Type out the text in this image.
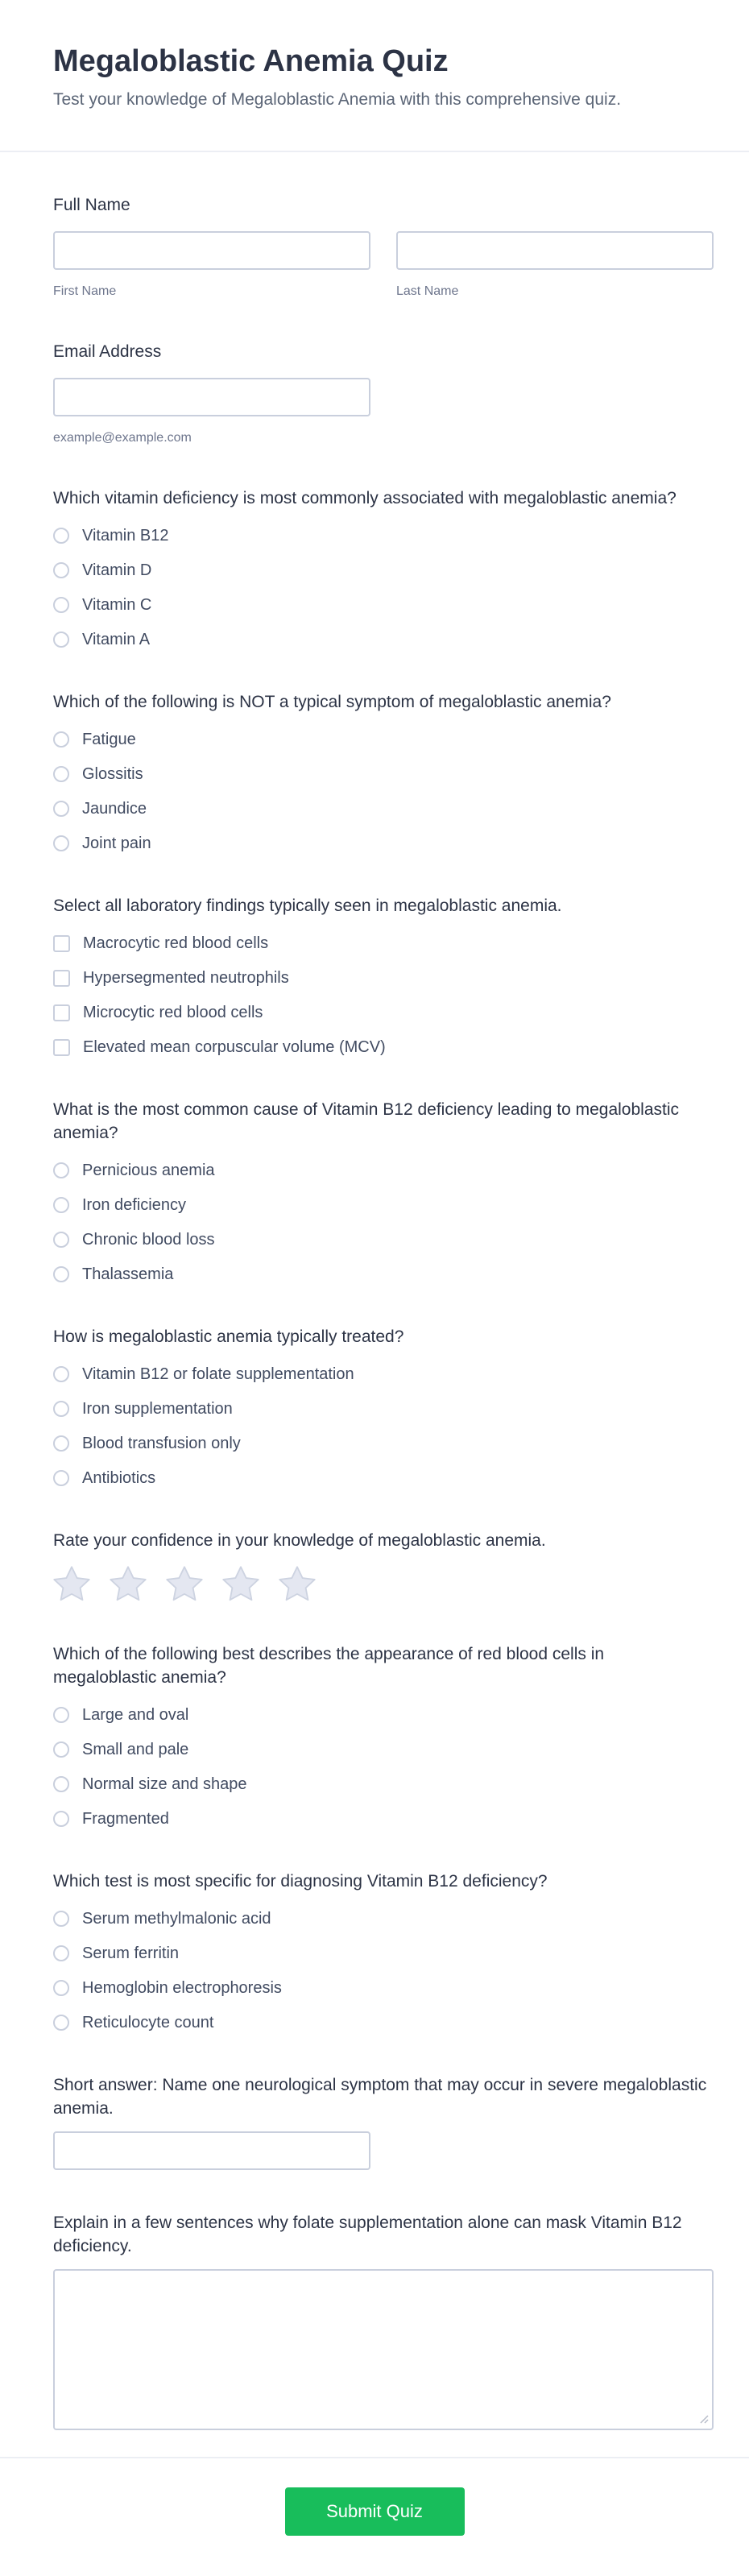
Megaloblastic Anemia Quiz
Test your knowledge of Megaloblastic Anemia with this comprehensive quiz.
Full Name
First Name	Last Name
Email Address
example@example.com
Which vitamin deficiency is most commonly associated with megaloblastic anemia?
Vitamin B12
Vitamin D
Vitamin C
Vitamin A
Which of the following is NOT a typical symptom of megaloblastic anemia?
Fatigue
Glossitis
Jaundice
Joint pain
Select all laboratory findings typically seen in megaloblastic anemia.
Macrocytic red blood cells
Hypersegmented neutrophils
Microcytic red blood cells
Elevated mean corpuscular volume (MCV)
What is the most common cause of Vitamin B12 deficiency leading to megaloblastic anemia?
Pernicious anemia
Iron deficiency
Chronic blood loss
Thalassemia
How is megaloblastic anemia typically treated?
Vitamin B12 or folate supplementation
Iron supplementation
Blood transfusion only
Antibiotics
Rate your confidence in your knowledge of megaloblastic anemia.
Which of the following best describes the appearance of red blood cells in megaloblastic anemia?
Large and oval
Small and pale
Normal size and shape
Fragmented
Which test is most specific for diagnosing Vitamin B12 deficiency?
Serum methylmalonic acid
Serum ferritin
Hemoglobin electrophoresis
Reticulocyte count
Short answer: Name one neurological symptom that may occur in severe megaloblastic anemia.
Explain in a few sentences why folate supplementation alone can mask Vitamin B12 deficiency.
Submit Quiz
